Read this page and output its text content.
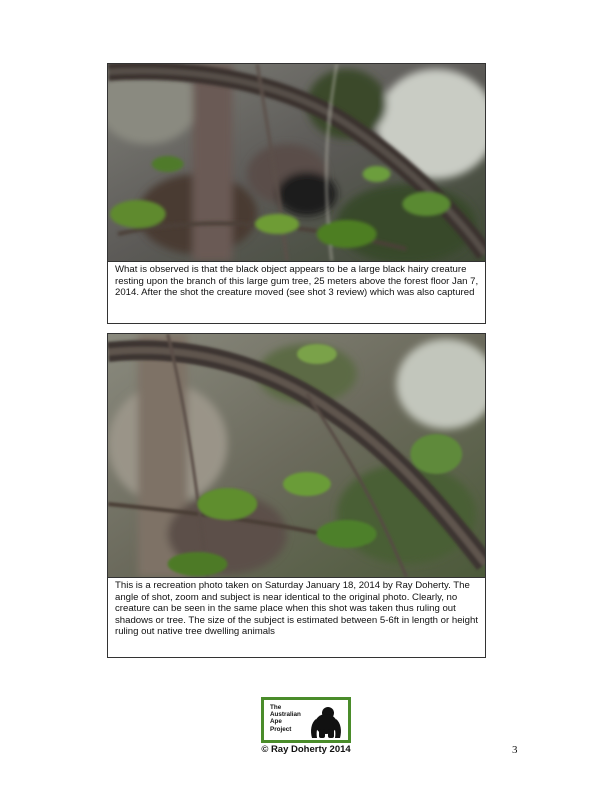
What is observed is that the black object appears to be a large black hairy creature resting upon the branch of this large gum tree, 25 meters above the forest floor Jan 7, 2014. After the shot the creature moved (see shot 3 review) which was also captured
This is a recreation photo taken on Saturday January 18, 2014 by Ray Doherty. The angle of shot, zoom and subject is near identical to the original photo. Clearly, no creature can be seen in the same place when this shot was taken thus ruling out shadows or tree. The size of the subject is estimated between 5-6ft in length or height ruling out native tree dwelling animals
The
Australian
Ape
Project
© Ray Doherty 2014	3
